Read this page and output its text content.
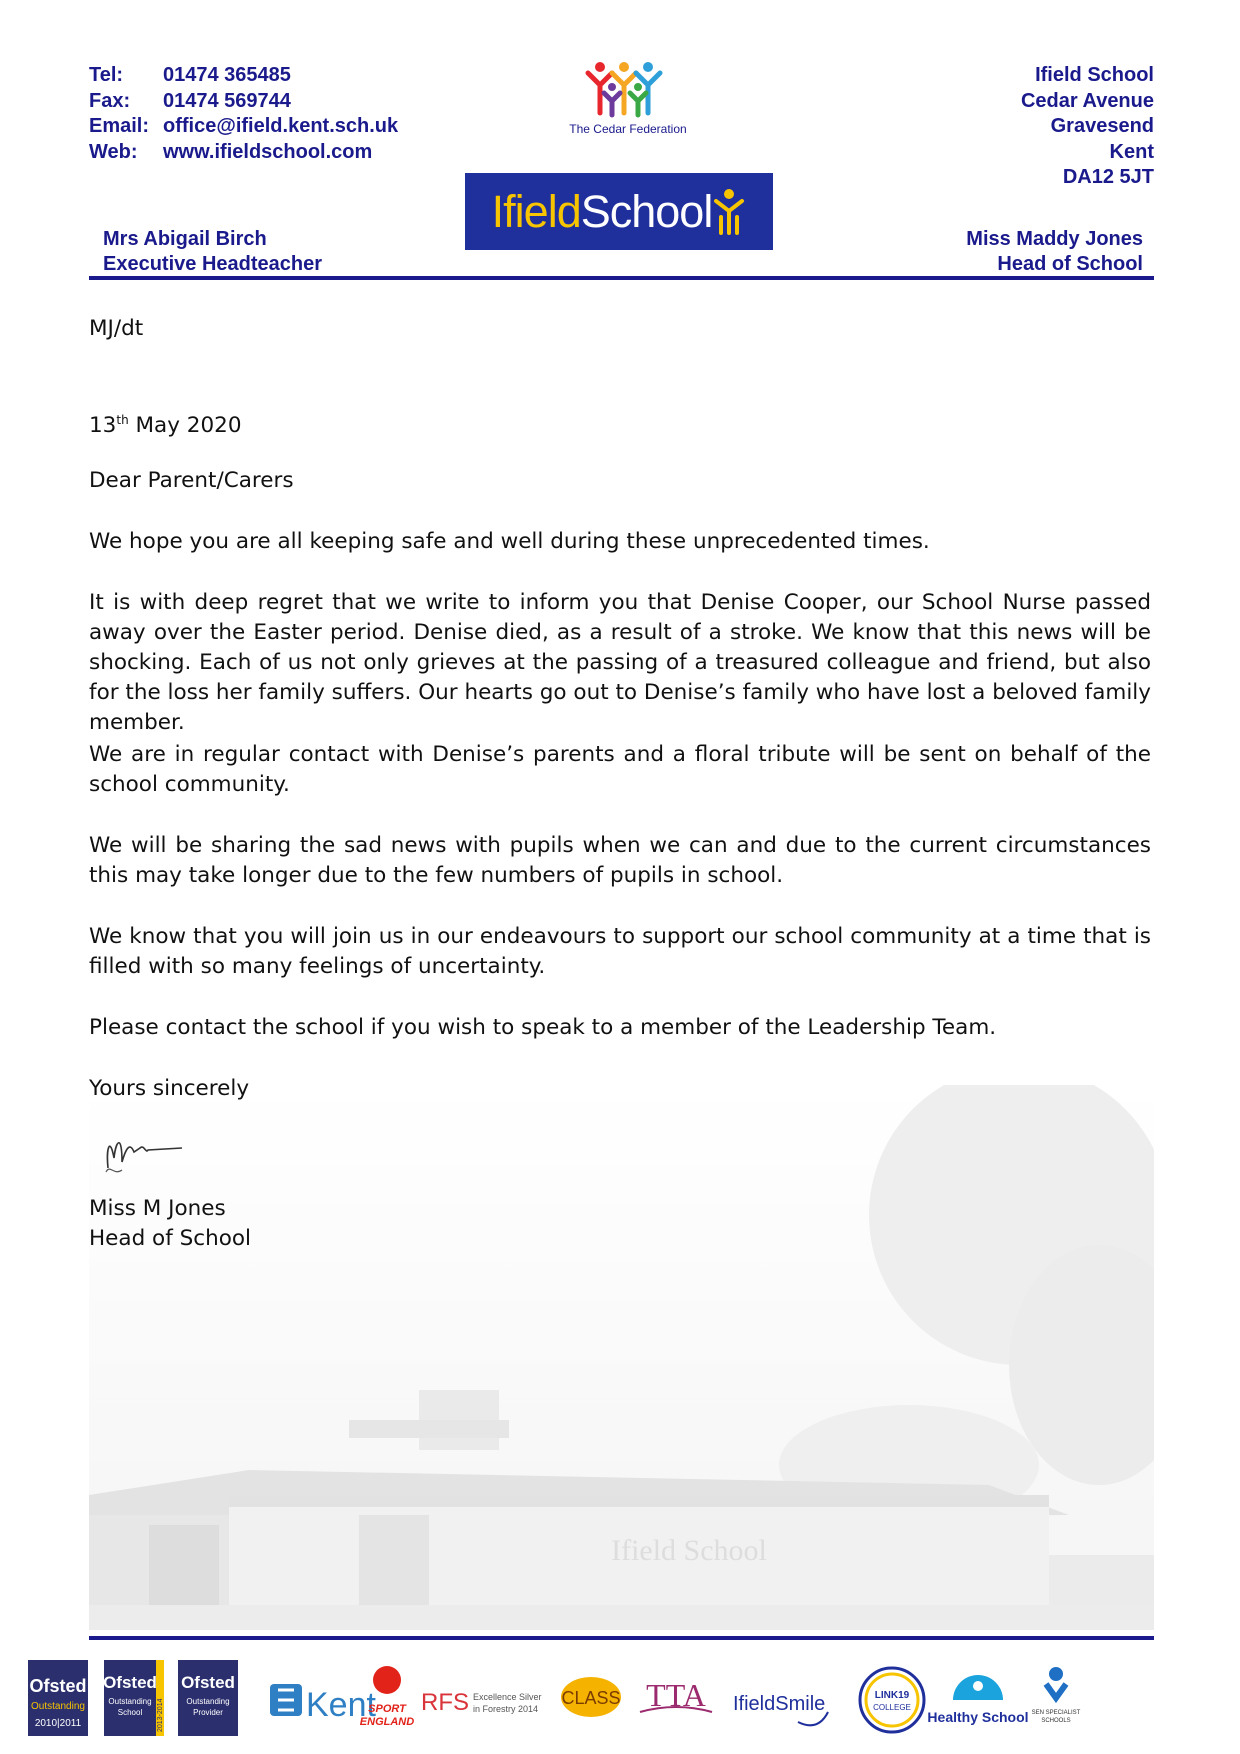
Tel:	01474 365485
Fax:	01474 569744
Email: office@ifield.kent.sch.uk
Web:	www.ifieldschool.com
Ifield School
Cedar Avenue
Gravesend
Kent
DA12 5JT
The Cedar Federation
IfieldSchool
Mrs Abigail Birch
Executive Headteacher
Miss Maddy Jones
Head of School
Ifield School
MJ/dt
13th May 2020
Dear Parent/Carers

We hope you are all keeping safe and well during these unprecedented times.

It is with deep regret that we write to inform you that Denise Cooper, our School Nurse passed away over the Easter period. Denise died, as a result of a stroke. We know that this news will be shocking. Each of us not only grieves at the passing of a treasured colleague and friend, but also for the loss her family suffers. Our hearts go out to Denise’s family who have lost a beloved family member.

We are in regular contact with Denise’s parents and a floral tribute will be sent on behalf of the school community.

We will be sharing the sad news with pupils when we can and due to the current circumstances this may take longer due to the few numbers of pupils in school.

We know that you will join us in our endeavours to support our school community at a time that is filled with so many feelings of uncertainty.

Please contact the school if you wish to speak to a member of the Leadership Team.

Yours sincerely
Miss M Jones
Head of School
Ofsted
Outstanding
2010|2011
Ofsted
Outstanding
School 2013-2014
Ofsted
Outstanding
Provider Kent
SPORT
ENGLAND
RFS Excellence Silver
in Forestry 2014
CLASS TTA IfieldSmile	LINK19
COLLEGE
Healthy School SEN SPECIALIST
SCHOOLS
